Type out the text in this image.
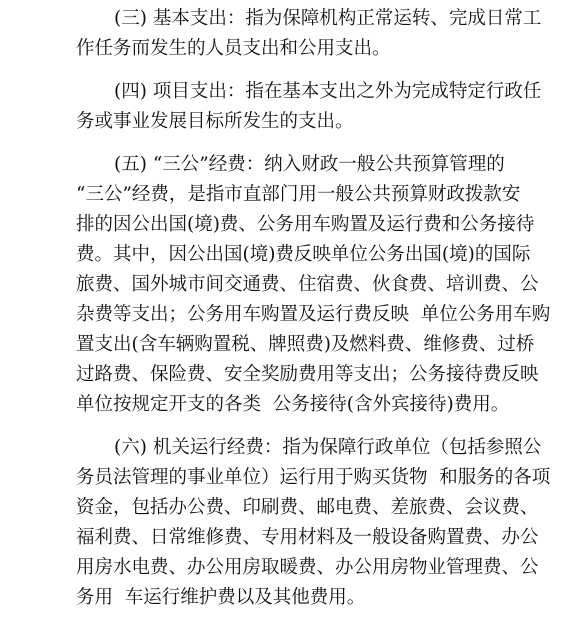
(三) 基本支出：指为保障机构正常运转、完成日常工
作任务而发生的人员支出和公用支出。
(四) 项目支出：指在基本支出之外为完成特定行政任
务或事业发展目标所发生的支出。
(五) “三公”经费：纳入财政一般公共预算管理的
“三公”经费，是指市直部门用一般公共预算财政拨款安
排的因公出国(境)费、公务用车购置及运行费和公务接待
费。其中，因公出国(境)费反映单位公务出国(境)的国际
旅费、国外城市间交通费、住宿费、伙食费、培训费、公
杂费等支出；公务用车购置及运行费反映  单位公务用车购
置支出(含车辆购置税、牌照费)及燃料费、维修费、过桥
过路费、保险费、安全奖励费用等支出；公务接待费反映
单位按规定开支的各类  公务接待(含外宾接待)费用。
(六) 机关运行经费：指为保障行政单位（包括参照公
务员法管理的事业单位）运行用于购买货物  和服务的各项
资金，包括办公费、印刷费、邮电费、差旅费、会议费、
福利费、日常维修费、专用材料及一般设备购置费、办公
用房水电费、办公用房取暖费、办公用房物业管理费、公
务用  车运行维护费以及其他费用。
